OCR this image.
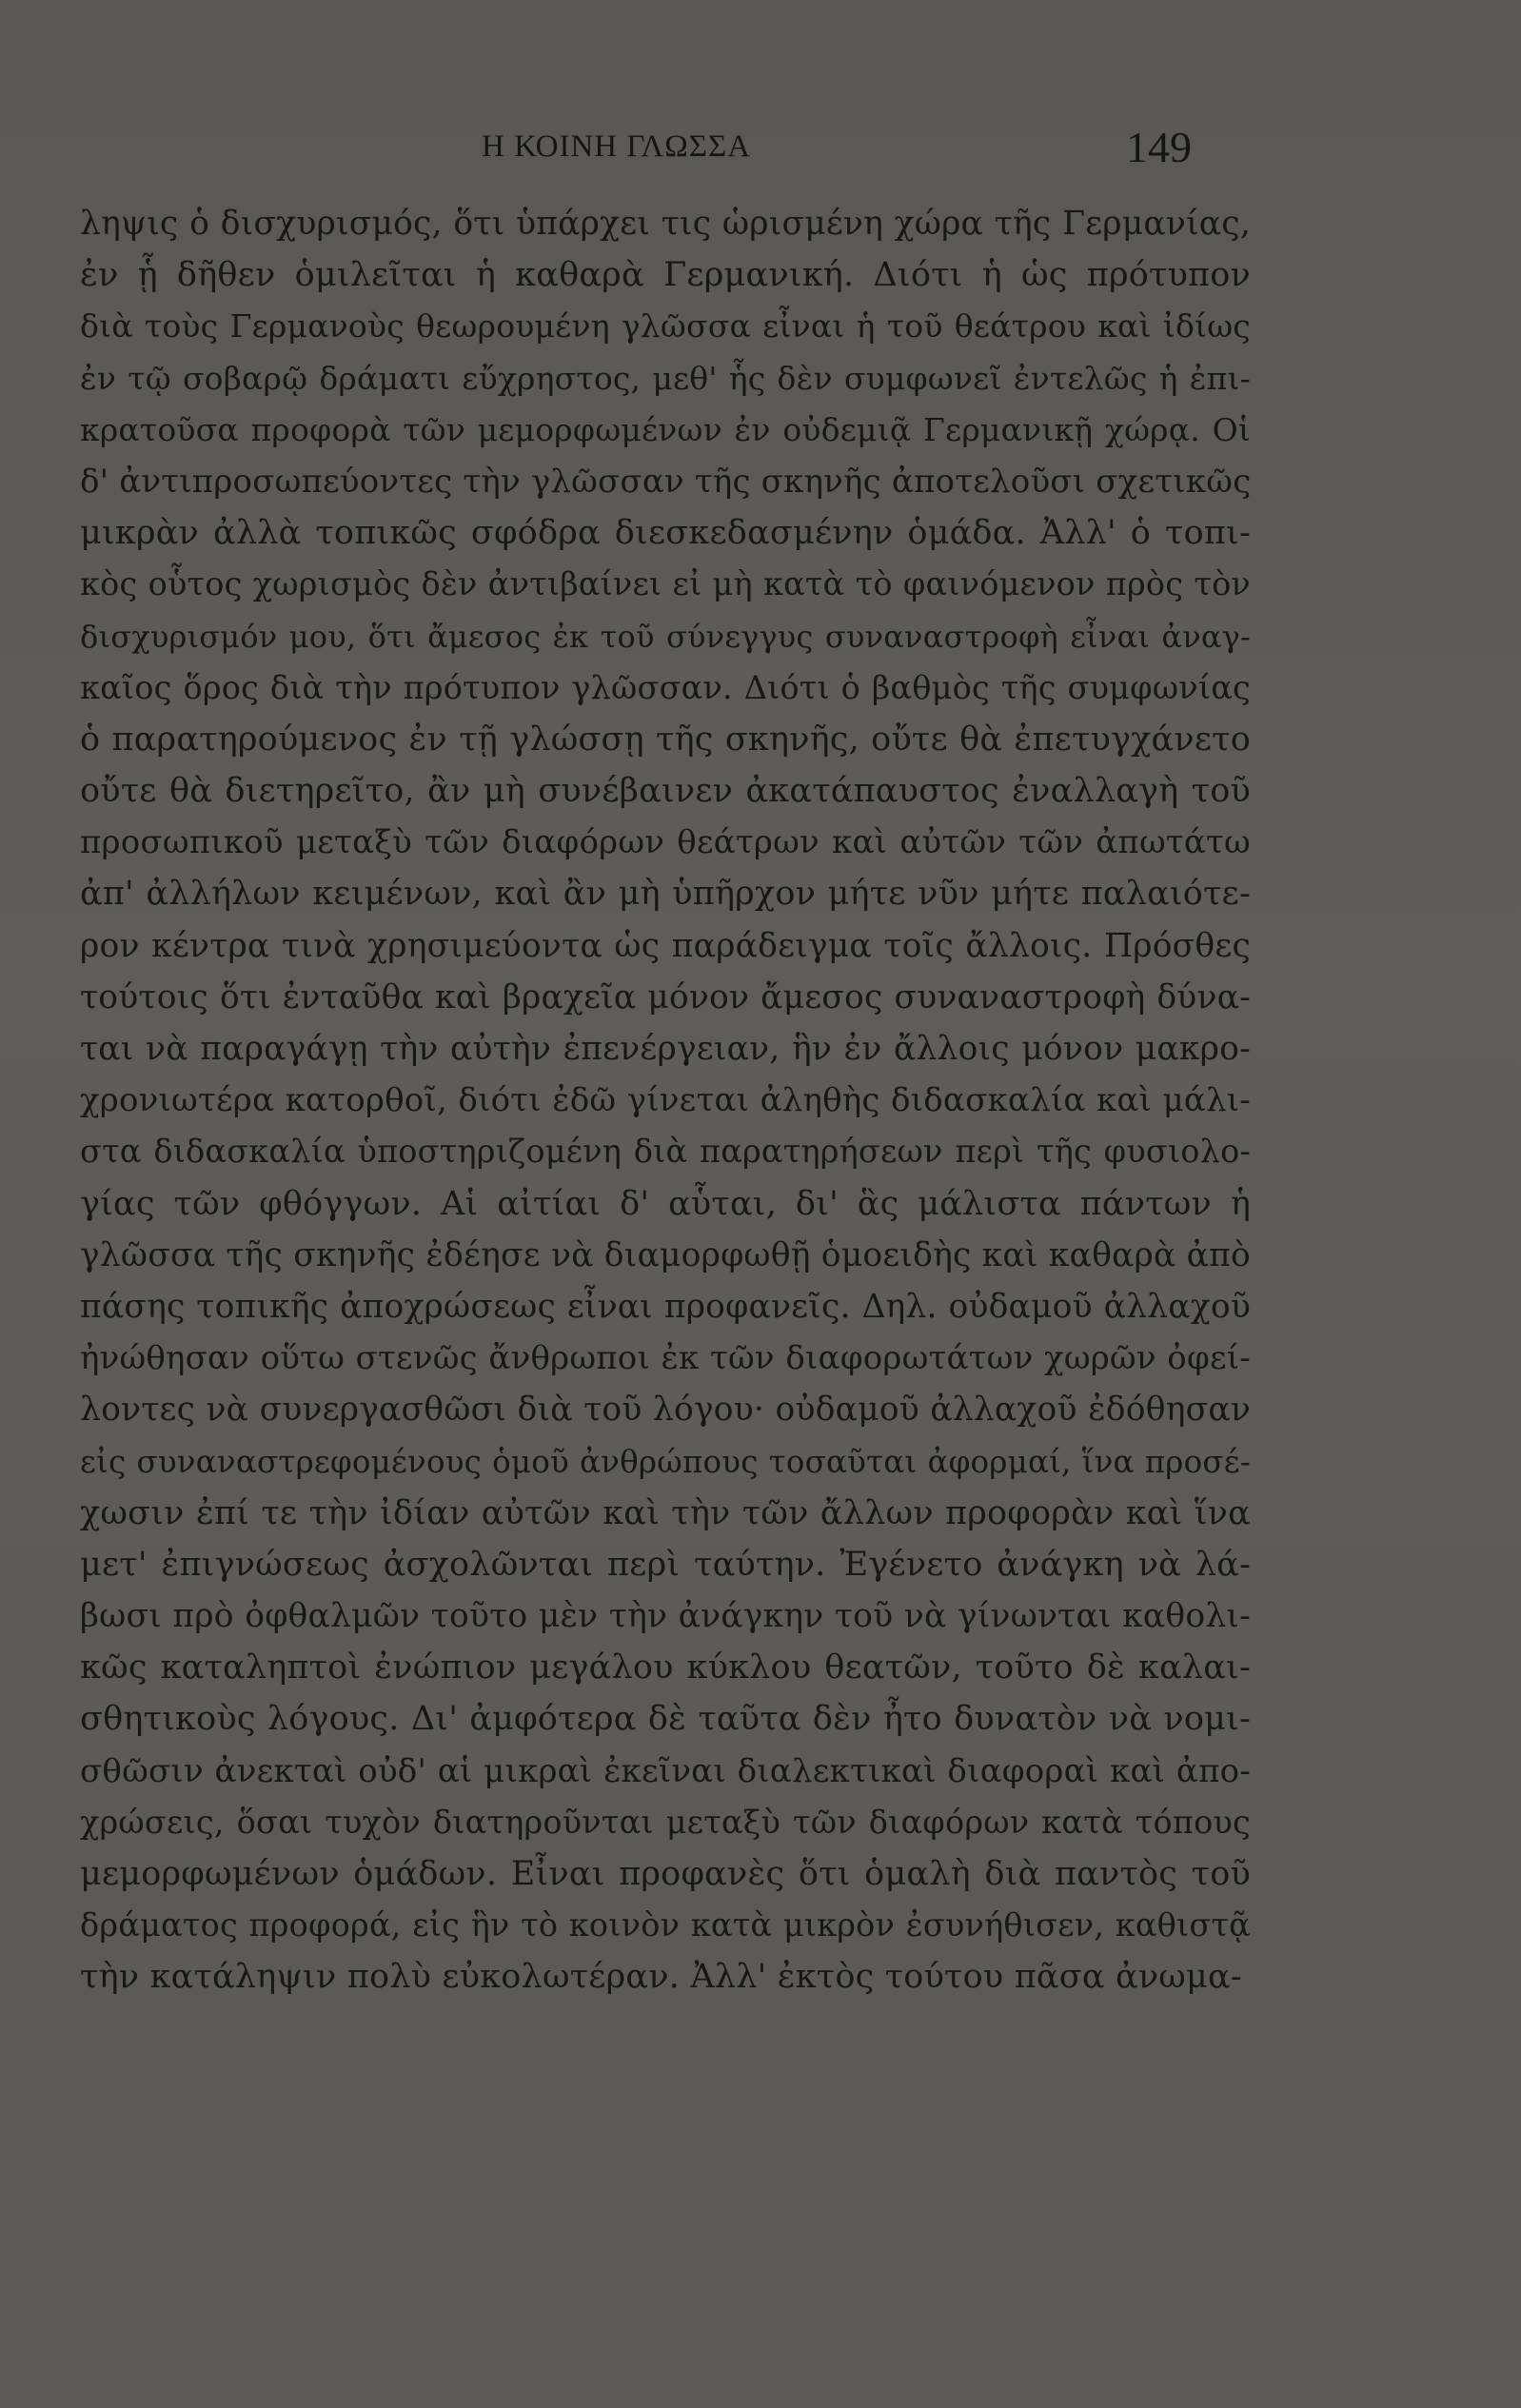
Η ΚΟΙΝΗ ΓΛΩΣΣΑ	149
ληψις ὁ δισχυρισμός, ὅτι ὑπάρχει τις ὡρισμένη χώρα τῆς Γερμανίας,
ἐν ᾗ δῆθεν ὁμιλεῖται ἡ καθαρὰ Γερμανική. Διότι ἡ ὡς πρότυπον
διὰ τοὺς Γερμανοὺς θεωρουμένη γλῶσσα εἶναι ἡ τοῦ θεάτρου καὶ ἰδίως
ἐν τῷ σοβαρῷ δράματι εὔχρηστος, μεθ' ἧς δὲν συμφωνεῖ ἐντελῶς ἡ ἐπι-
κρατοῦσα προφορὰ τῶν μεμορφωμένων ἐν οὐδεμιᾷ Γερμανικῇ χώρᾳ. Οἱ
δ' ἀντιπροσωπεύοντες τὴν γλῶσσαν τῆς σκηνῆς ἀποτελοῦσι σχετικῶς
μικρὰν ἀλλὰ τοπικῶς σφόδρα διεσκεδασμένην ὁμάδα. Ἀλλ' ὁ τοπι-
κὸς οὗτος χωρισμὸς δὲν ἀντιβαίνει εἰ μὴ κατὰ τὸ φαινόμενον πρὸς τὸν
δισχυρισμόν μου, ὅτι ἄμεσος ἐκ τοῦ σύνεγγυς συναναστροφὴ εἶναι ἀναγ-
καῖος ὅρος διὰ τὴν πρότυπον γλῶσσαν. Διότι ὁ βαθμὸς τῆς συμφωνίας
ὁ παρατηρούμενος ἐν τῇ γλώσσῃ τῆς σκηνῆς, οὔτε θὰ ἐπετυγχάνετο
οὔτε θὰ διετηρεῖτο, ἂν μὴ συνέβαινεν ἀκατάπαυστος ἐναλλαγὴ τοῦ
προσωπικοῦ μεταξὺ τῶν διαφόρων θεάτρων καὶ αὐτῶν τῶν ἀπωτάτω
ἀπ' ἀλλήλων κειμένων, καὶ ἂν μὴ ὑπῆρχον μήτε νῦν μήτε παλαιότε-
ρον κέντρα τινὰ χρησιμεύοντα ὡς παράδειγμα τοῖς ἄλλοις. Πρόσθες
τούτοις ὅτι ἐνταῦθα καὶ βραχεῖα μόνον ἄμεσος συναναστροφὴ δύνα-
ται νὰ παραγάγῃ τὴν αὐτὴν ἐπενέργειαν, ἣν ἐν ἄλλοις μόνον μακρο-
χρονιωτέρα κατορθοῖ, διότι ἐδῶ γίνεται ἀληθὴς διδασκαλία καὶ μάλι-
στα διδασκαλία ὑποστηριζομένη διὰ παρατηρήσεων περὶ τῆς φυσιολο-
γίας τῶν φθόγγων. Αἱ αἰτίαι δ' αὗται, δι' ἃς μάλιστα πάντων ἡ
γλῶσσα τῆς σκηνῆς ἐδέησε νὰ διαμορφωθῇ ὁμοειδὴς καὶ καθαρὰ ἀπὸ
πάσης τοπικῆς ἀποχρώσεως εἶναι προφανεῖς. Δηλ. οὐδαμοῦ ἀλλαχοῦ
ἠνώθησαν οὕτω στενῶς ἄνθρωποι ἐκ τῶν διαφορωτάτων χωρῶν ὀφεί-
λοντες νὰ συνεργασθῶσι διὰ τοῦ λόγου· οὐδαμοῦ ἀλλαχοῦ ἐδόθησαν
εἰς συναναστρεφομένους ὁμοῦ ἀνθρώπους τοσαῦται ἀφορμαί, ἵνα προσέ-
χωσιν ἐπί τε τὴν ἰδίαν αὐτῶν καὶ τὴν τῶν ἄλλων προφορὰν καὶ ἵνα
μετ' ἐπιγνώσεως ἀσχολῶνται περὶ ταύτην. Ἐγένετο ἀνάγκη νὰ λά-
βωσι πρὸ ὀφθαλμῶν τοῦτο μὲν τὴν ἀνάγκην τοῦ νὰ γίνωνται καθολι-
κῶς καταληπτοὶ ἐνώπιον μεγάλου κύκλου θεατῶν, τοῦτο δὲ καλαι-
σθητικοὺς λόγους. Δι' ἀμφότερα δὲ ταῦτα δὲν ἦτο δυνατὸν νὰ νομι-
σθῶσιν ἀνεκταὶ οὐδ' αἱ μικραὶ ἐκεῖναι διαλεκτικαὶ διαφοραὶ καὶ ἀπο-
χρώσεις, ὅσαι τυχὸν διατηροῦνται μεταξὺ τῶν διαφόρων κατὰ τόπους
μεμορφωμένων ὁμάδων. Εἶναι προφανὲς ὅτι ὁμαλὴ διὰ παντὸς τοῦ
δράματος προφορά, εἰς ἣν τὸ κοινὸν κατὰ μικρὸν ἐσυνήθισεν, καθιστᾷ
τὴν κατάληψιν πολὺ εὐκολωτέραν. Ἀλλ' ἐκτὸς τούτου πᾶσα ἀνωμα-
